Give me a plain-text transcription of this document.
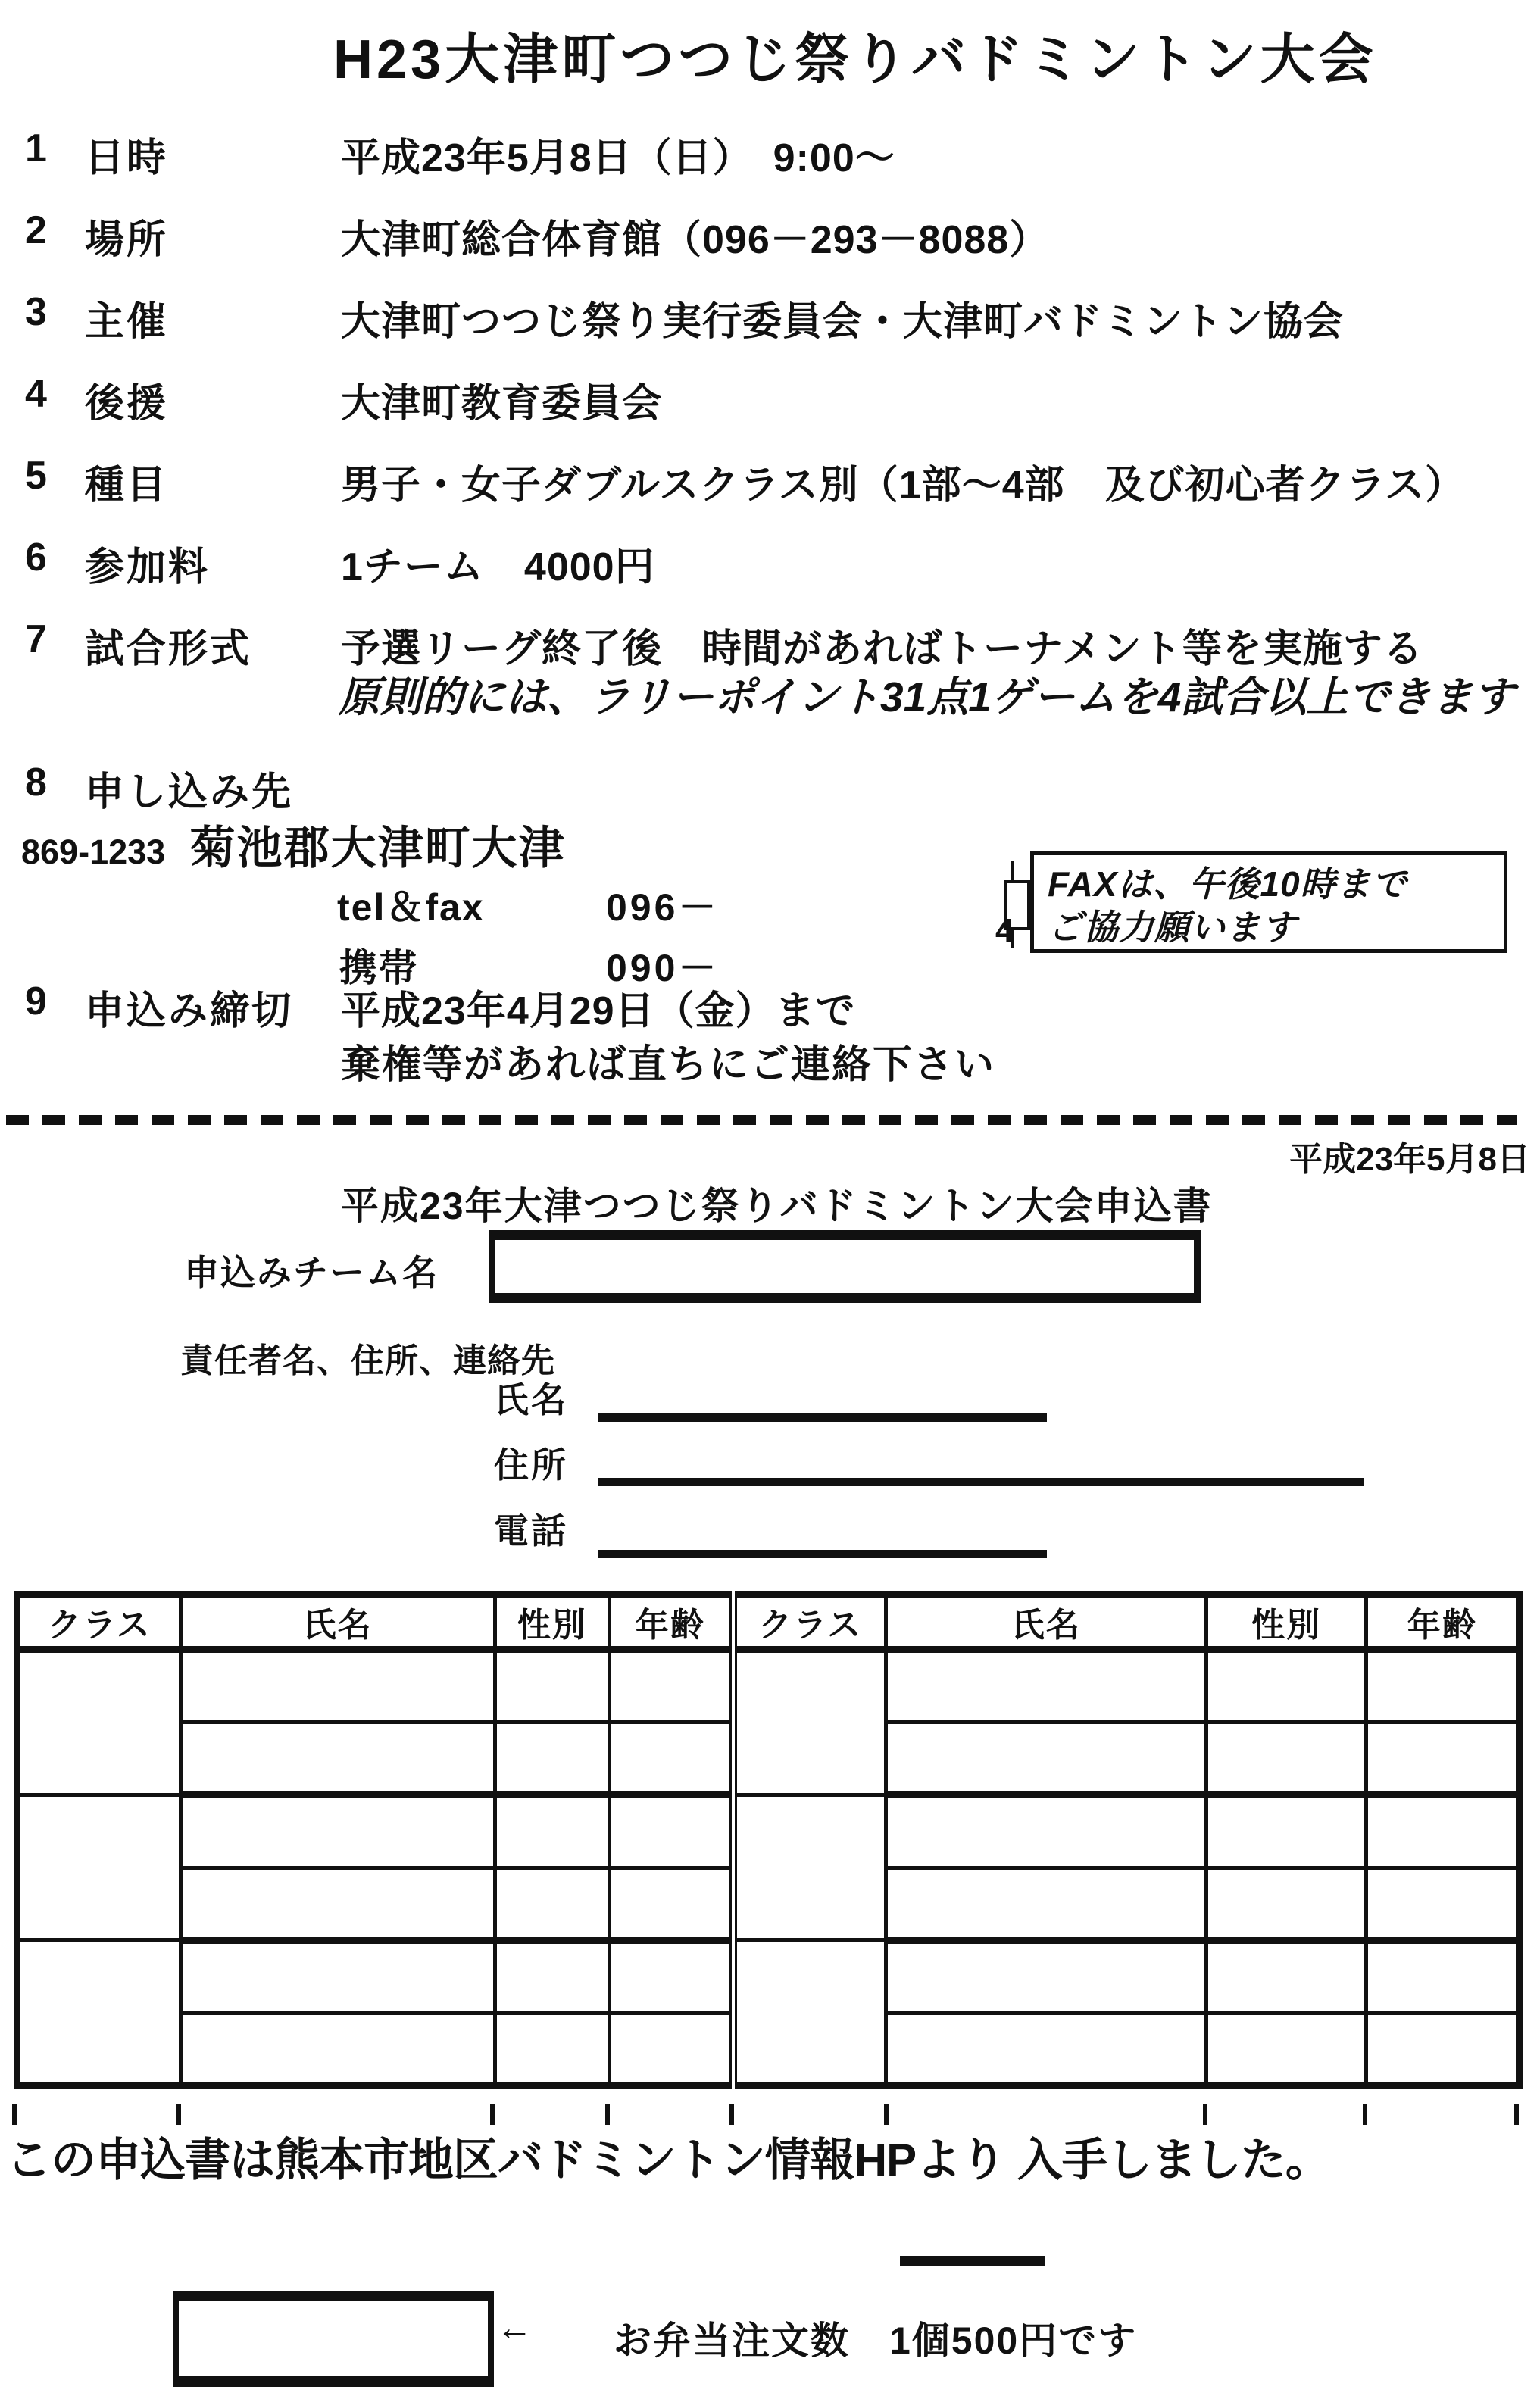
H23大津町つつじ祭りバドミントン大会
1 日時	平成23年5月8日（日）　9:00～
2 場所	大津町総合体育館（096－293－8088）
3 主催	大津町つつじ祭り実行委員会・大津町バドミントン協会
4 後援	大津町教育委員会
5 種目	男子・女子ダブルスクラス別（1部～4部　及び初心者クラス）
6 参加料	1チーム　4000円
7 試合形式 予選リーグ終了後　時間があればトーナメント等を実施する
原則的には、ラリーポイント31点1ゲームを4試合以上できます
8 申し込み先
869-1233 菊池郡大津町大津
tel＆fax	096－
携帯	090－
4
FAXは、午後10時まで
ご協力願います
9 申込み締切 平成23年4月29日（金）まで
棄権等があれば直ちにご連絡下さい
平成23年5月8日
平成23年大津つつじ祭りバドミントン大会申込書
申込みチーム名
責任者名、住所、連絡先
氏名
住所
電話
クラス	氏名	性別	年齢	クラス	氏名	性別	年齢

この申込書は熊本市地区バドミントン情報HPより 入手しました。
← お弁当注文数　1個500円です
